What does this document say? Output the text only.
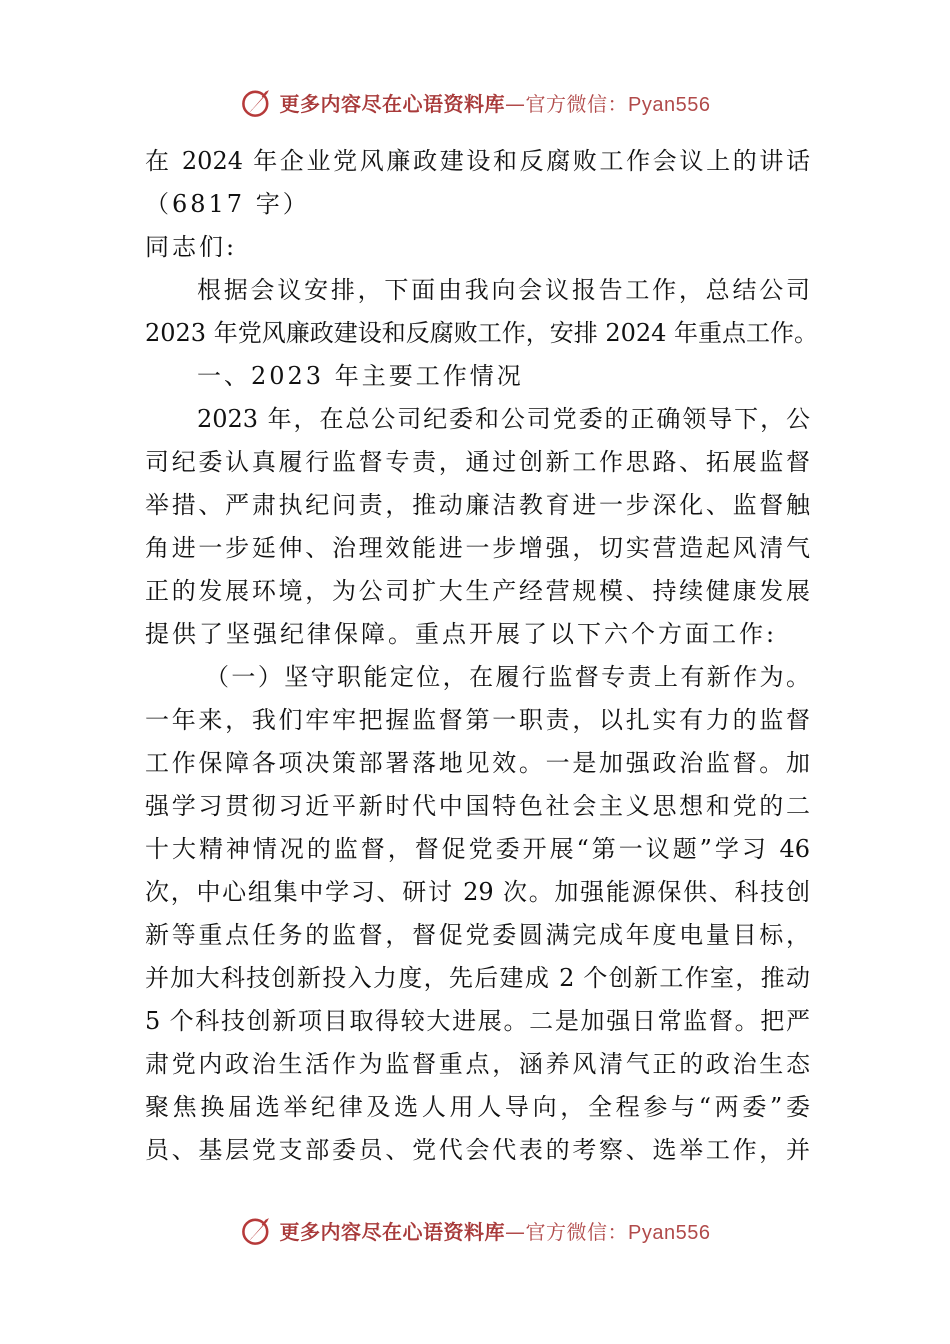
更多内容尽在心语资料库—官方微信：Pyan556
在 2024 年企业党风廉政建设和反腐败工作会议上的讲话
（6817 字）
同志们:
根据会议安排，下面由我向会议报告工作，总结公司
2023 年党风廉政建设和反腐败工作，安排 2024 年重点工作。
一、2023 年主要工作情况
2023 年，在总公司纪委和公司党委的正确领导下，公
司纪委认真履行监督专责，通过创新工作思路、拓展监督
举措、严肃执纪问责，推动廉洁教育进一步深化、监督触
角进一步延伸、治理效能进一步增强，切实营造起风清气
正的发展环境，为公司扩大生产经营规模、持续健康发展
提供了坚强纪律保障。重点开展了以下六个方面工作:
（一）坚守职能定位，在履行监督专责上有新作为。
一年来，我们牢牢把握监督第一职责，以扎实有力的监督
工作保障各项决策部署落地见效。一是加强政治监督。加
强学习贯彻习近平新时代中国特色社会主义思想和党的二
十大精神情况的监督，督促党委开展“第一议题”学习 46
次，中心组集中学习、研讨 29 次。加强能源保供、科技创
新等重点任务的监督，督促党委圆满完成年度电量目标，
并加大科技创新投入力度，先后建成 2 个创新工作室，推动
5 个科技创新项目取得较大进展。二是加强日常监督。把严
肃党内政治生活作为监督重点，涵养风清气正的政治生态
聚焦换届选举纪律及选人用人导向，全程参与“两委”委
员、基层党支部委员、党代会代表的考察、选举工作，并
更多内容尽在心语资料库—官方微信：Pyan556
